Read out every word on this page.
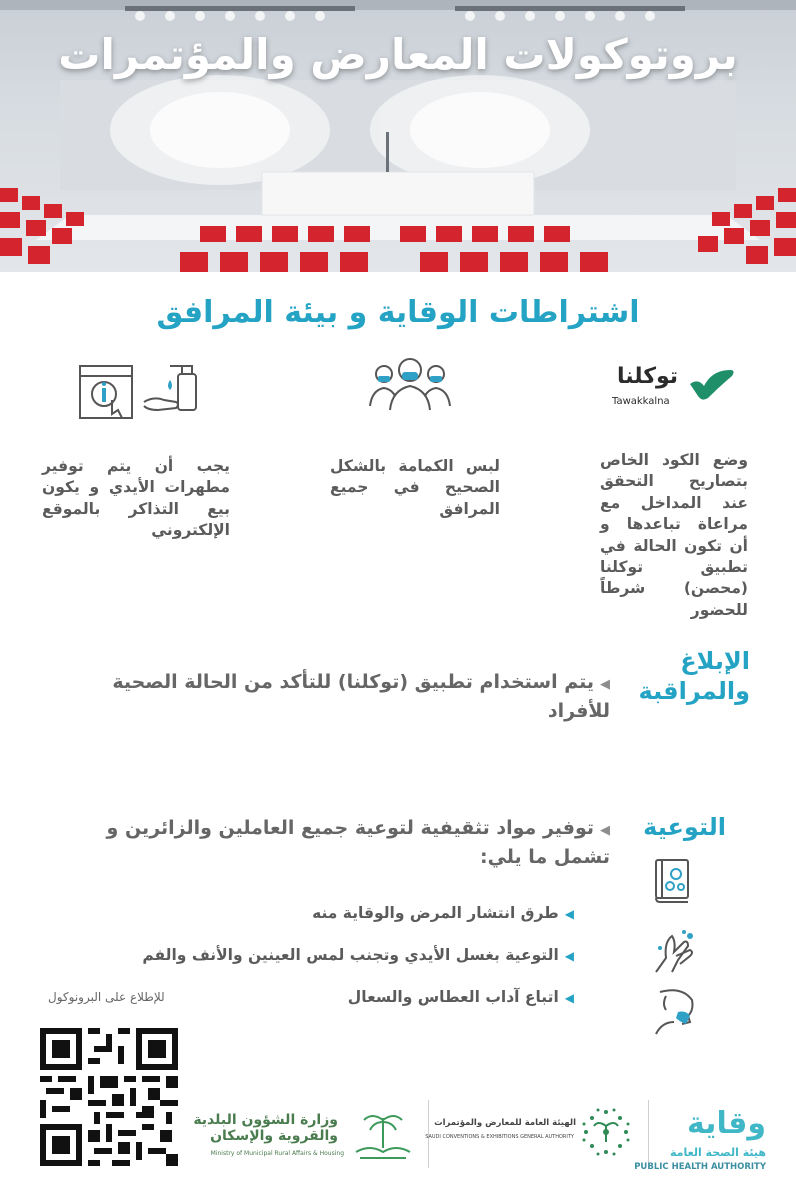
بروتوكولات المعارض والمؤتمرات
اشتراطات الوقاية و بيئة المرافق
توكلنا
Tawakkalna

وضع الكود الخاص بتصاريح التحقق عند المداخل مع مراعاة تباعدها و أن تكون الحالة في تطبيق توكلنا (محصن) شرطاً للحضور

لبس الكمامة بالشكل الصحيح في جميع المرافق

يجب أن يتم توفير مطهرات الأيدي و يكون بيع التذاكر بالموقع الإلكتروني

الإبلاغ
والمراقبة

◀يتم استخدام تطبيق (توكلنا) للتأكد من الحالة الصحية للأفراد

التوعية

◀توفير مواد تثقيفية لتوعية جميع العاملين والزائرين و تشمل ما يلي:

◀طرق انتشار المرض والوقاية منه
◀التوعية بغسل الأيدي وتجنب لمس العينين والأنف والفم
◀اتباع آداب العطاس والسعال
للإطلاع على البرونوكول

وزارة الشؤون البلدية
والقروية والإسكان

Ministry of Municipal Rural Affairs & Housing

الهيئة العامة للمعارض والمؤتمرات

SAUDI CONVENTIONS & EXHIBITIONS GENERAL AUTHORITY	وقاية

هيئة الصحة العامة

PUBLIC HEALTH AUTHORITY
